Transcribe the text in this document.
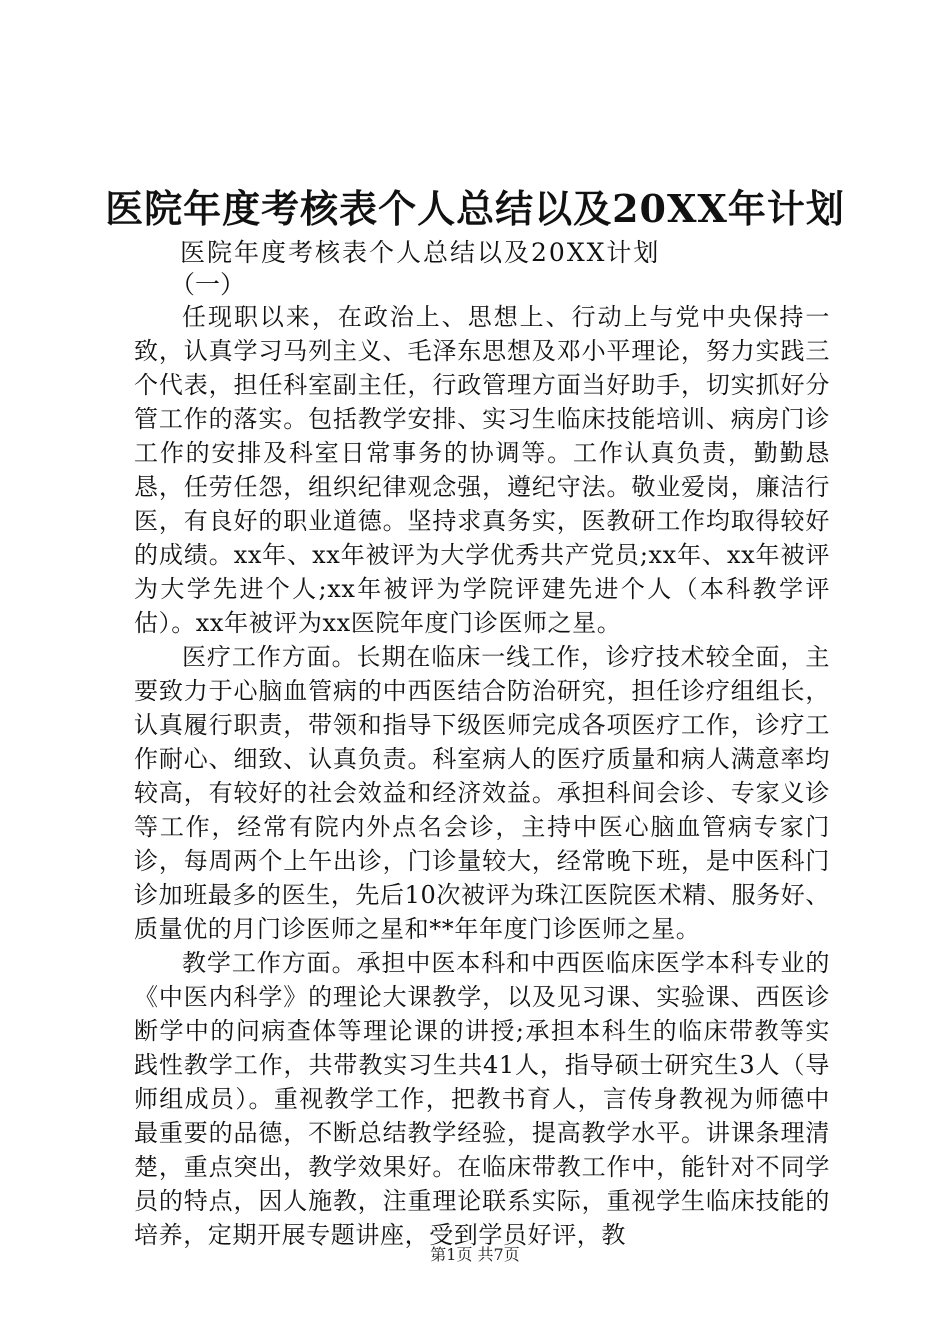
医院年度考核表个人总结以及20XX年计划
医院年度考核表个人总结以及20XX计划
（一）

任现职以来，在政治上、思想上、行动上与党中央保持一致，认真学习马列主义、毛泽东思想及邓小平理论，努力实践三个代表，担任科室副主任，行政管理方面当好助手，切实抓好分管工作的落实。包括教学安排、实习生临床技能培训、病房门诊工作的安排及科室日常事务的协调等。工作认真负责，勤勤恳恳，任劳任怨，组织纪律观念强，遵纪守法。敬业爱岗，廉洁行医，有良好的职业道德。坚持求真务实，医教研工作均取得较好的成绩。xx年、xx年被评为大学优秀共产党员;xx年、xx年被评为大学先进个人;xx年被评为学院评建先进个人（本科教学评估）。xx年被评为xx医院年度门诊医师之星。

医疗工作方面。长期在临床一线工作，诊疗技术较全面，主要致力于心脑血管病的中西医结合防治研究，担任诊疗组组长，认真履行职责，带领和指导下级医师完成各项医疗工作，诊疗工作耐心、细致、认真负责。科室病人的医疗质量和病人满意率均较高，有较好的社会效益和经济效益。承担科间会诊、专家义诊等工作，经常有院内外点名会诊，主持中医心脑血管病专家门诊，每周两个上午出诊，门诊量较大，经常晚下班，是中医科门诊加班最多的医生，先后10次被评为珠江医院医术精、服务好、质量优的月门诊医师之星和**年年度门诊医师之星。

教学工作方面。承担中医本科和中西医临床医学本科专业的《中医内科学》的理论大课教学，以及见习课、实验课、西医诊断学中的问病查体等理论课的讲授;承担本科生的临床带教等实践性教学工作，共带教实习生共41人，指导硕士研究生3人（导师组成员）。重视教学工作，把教书育人，言传身教视为师德中最重要的品德，不断总结教学经验，提高教学水平。讲课条理清楚，重点突出，教学效果好。在临床带教工作中，能针对不同学员的特点，因人施教，注重理论联系实际，重视学生临床技能的培养，定期开展专题讲座，受到学员好评，教

第1页 共7页
